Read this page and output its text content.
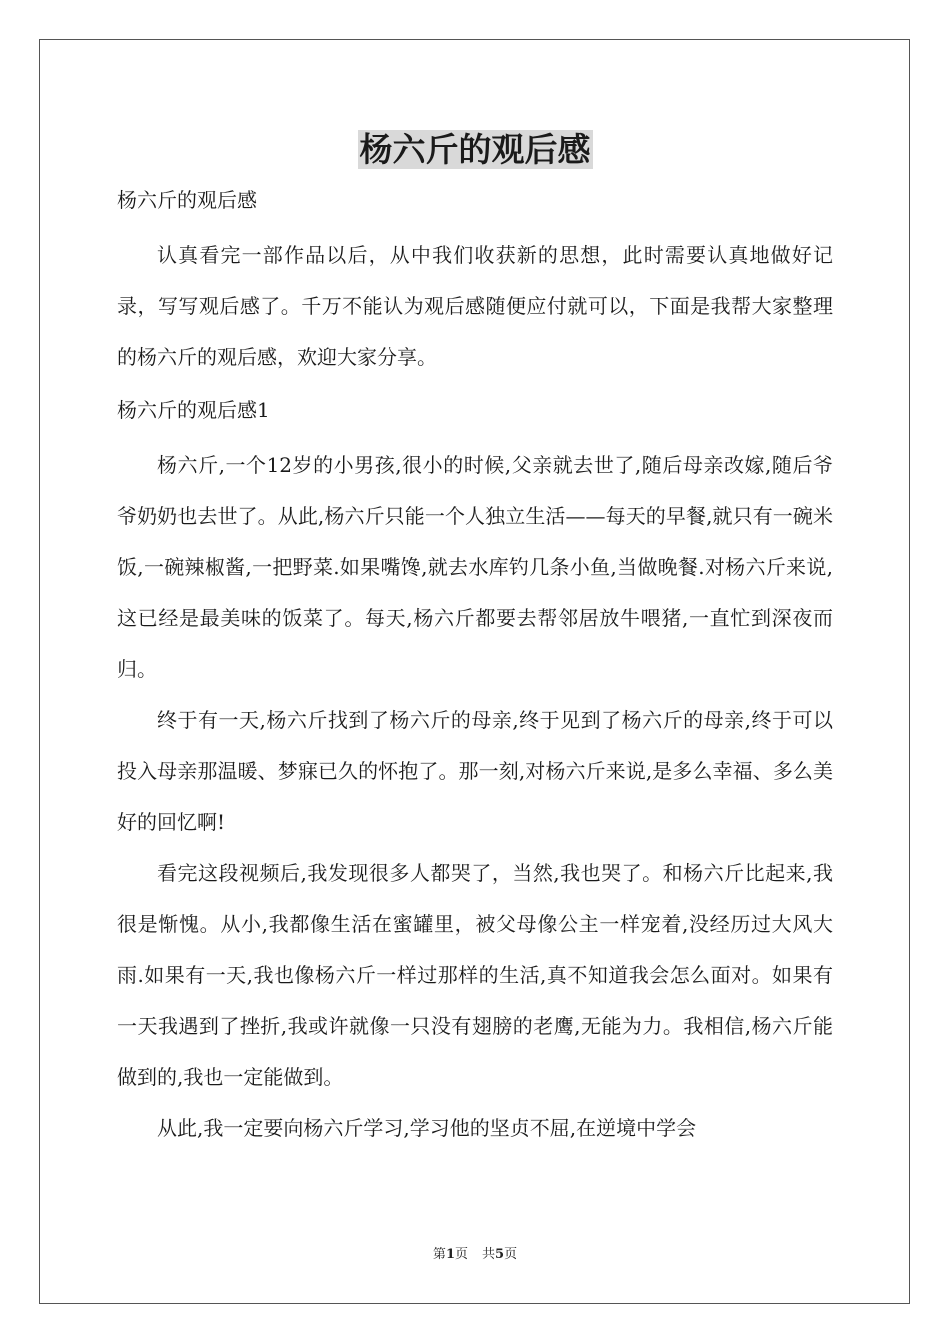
杨六斤的观后感

杨六斤的观后感

认真看完一部作品以后，从中我们收获新的思想，此时需要认真地做好记录，写写观后感了。千万不能认为观后感随便应付就可以，下面是我帮大家整理的杨六斤的观后感，欢迎大家分享。

杨六斤的观后感1

杨六斤,一个12岁的小男孩,很小的时候,父亲就去世了,随后母亲改嫁,随后爷爷奶奶也去世了。从此,杨六斤只能一个人独立生活——每天的早餐,就只有一碗米饭,一碗辣椒酱,一把野菜.如果嘴馋,就去水库钓几条小鱼,当做晚餐.对杨六斤来说,这已经是最美味的饭菜了。每天,杨六斤都要去帮邻居放牛喂猪,一直忙到深夜而归。

终于有一天,杨六斤找到了杨六斤的母亲,终于见到了杨六斤的母亲,终于可以投入母亲那温暖、梦寐已久的怀抱了。那一刻,对杨六斤来说,是多么幸福、多么美好的回忆啊!

看完这段视频后,我发现很多人都哭了，当然,我也哭了。和杨六斤比起来,我很是惭愧。从小,我都像生活在蜜罐里，被父母像公主一样宠着,没经历过大风大雨.如果有一天,我也像杨六斤一样过那样的生活,真不知道我会怎么面对。如果有一天我遇到了挫折,我或许就像一只没有翅膀的老鹰,无能为力。我相信,杨六斤能做到的,我也一定能做到。

从此,我一定要向杨六斤学习,学习他的坚贞不屈,在逆境中学会

第1页 共5页
